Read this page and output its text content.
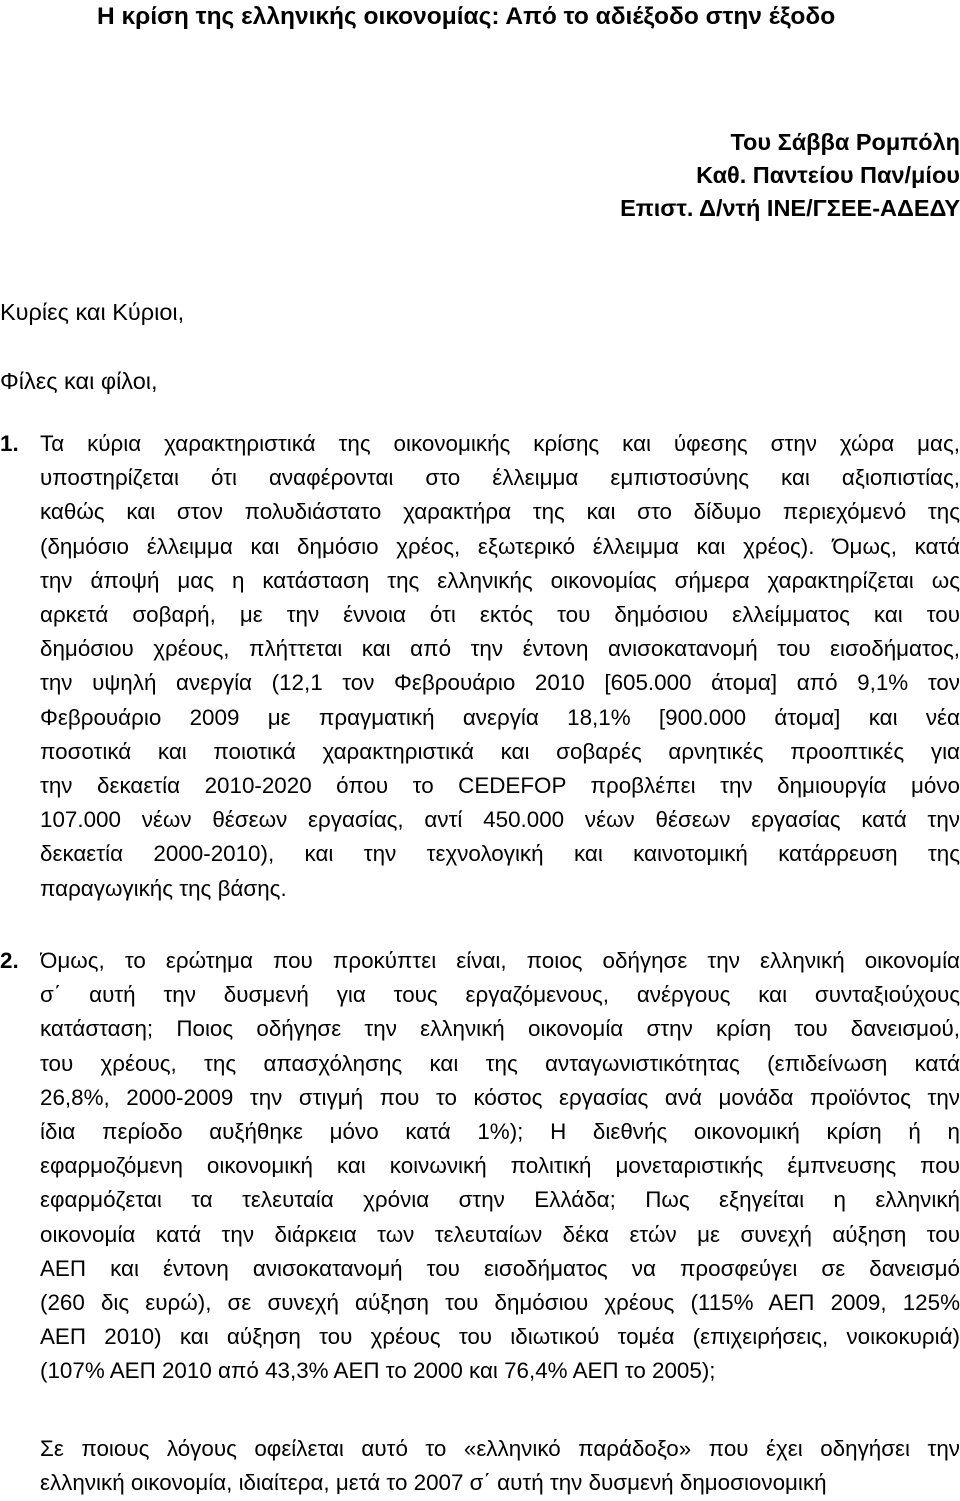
Η κρίση της ελληνικής οικονομίας: Από το αδιέξοδο στην έξοδο
Του Σάββα Ρομπόλη
Καθ. Παντείου Παν/μίου
Επιστ. Δ/ντή ΙΝΕ/ΓΣΕΕ-ΑΔΕΔΥ
Κυρίες και Κύριοι,
Φίλες και φίλοι,
1. Τα κύρια χαρακτηριστικά της οικονομικής κρίσης και ύφεσης στην χώρα μας,
υποστηρίζεται ότι αναφέρονται στο έλλειμμα εμπιστοσύνης και αξιοπιστίας,
καθώς και στον πολυδιάστατο χαρακτήρα της και στο δίδυμο περιεχόμενό της
(δημόσιο έλλειμμα και δημόσιο χρέος, εξωτερικό έλλειμμα και χρέος). Όμως, κατά
την άποψή μας η κατάσταση της ελληνικής οικονομίας σήμερα χαρακτηρίζεται ως
αρκετά σοβαρή, με την έννοια ότι εκτός του δημόσιου ελλείμματος και του
δημόσιου χρέους, πλήττεται και από την έντονη ανισοκατανομή του εισοδήματος,
την υψηλή ανεργία (12,1 τον Φεβρουάριο 2010 [605.000 άτομα] από 9,1% τον
Φεβρουάριο 2009 με πραγματική ανεργία 18,1% [900.000 άτομα] και νέα
ποσοτικά και ποιοτικά χαρακτηριστικά και σοβαρές αρνητικές προοπτικές για
την δεκαετία 2010-2020 όπου το CEDEFOP προβλέπει την δημιουργία μόνο
107.000 νέων θέσεων εργασίας, αντί 450.000 νέων θέσεων εργασίας κατά την
δεκαετία 2000-2010), και την τεχνολογική και καινοτομική κατάρρευση της
παραγωγικής της βάσης.
2. Όμως, το ερώτημα που προκύπτει είναι, ποιος οδήγησε την ελληνική οικονομία
σ΄ αυτή την δυσμενή για τους εργαζόμενους, ανέργους και συνταξιούχους
κατάσταση; Ποιος οδήγησε την ελληνική οικονομία στην κρίση του δανεισμού,
του χρέους, της απασχόλησης και της ανταγωνιστικότητας (επιδείνωση κατά
26,8%, 2000-2009 την στιγμή που το κόστος εργασίας ανά μονάδα προϊόντος την
ίδια περίοδο αυξήθηκε μόνο κατά 1%); Η διεθνής οικονομική κρίση ή η
εφαρμοζόμενη οικονομική και κοινωνική πολιτική μονεταριστικής έμπνευσης που
εφαρμόζεται τα τελευταία χρόνια στην Ελλάδα; Πως εξηγείται η ελληνική
οικονομία κατά την διάρκεια των τελευταίων δέκα ετών με συνεχή αύξηση του
ΑΕΠ και έντονη ανισοκατανομή του εισοδήματος να προσφεύγει σε δανεισμό
(260 δις ευρώ), σε συνεχή αύξηση του δημόσιου χρέους (115% ΑΕΠ 2009, 125%
ΑΕΠ 2010) και αύξηση του χρέους του ιδιωτικού τομέα (επιχειρήσεις, νοικοκυριά)
(107% ΑΕΠ 2010 από 43,3% ΑΕΠ το 2000 και 76,4% ΑΕΠ το 2005);
Σε ποιους λόγους οφείλεται αυτό το «ελληνικό παράδοξο» που έχει οδηγήσει την
ελληνική οικονομία, ιδιαίτερα, μετά το 2007 σ΄ αυτή την δυσμενή δημοσιονομική
